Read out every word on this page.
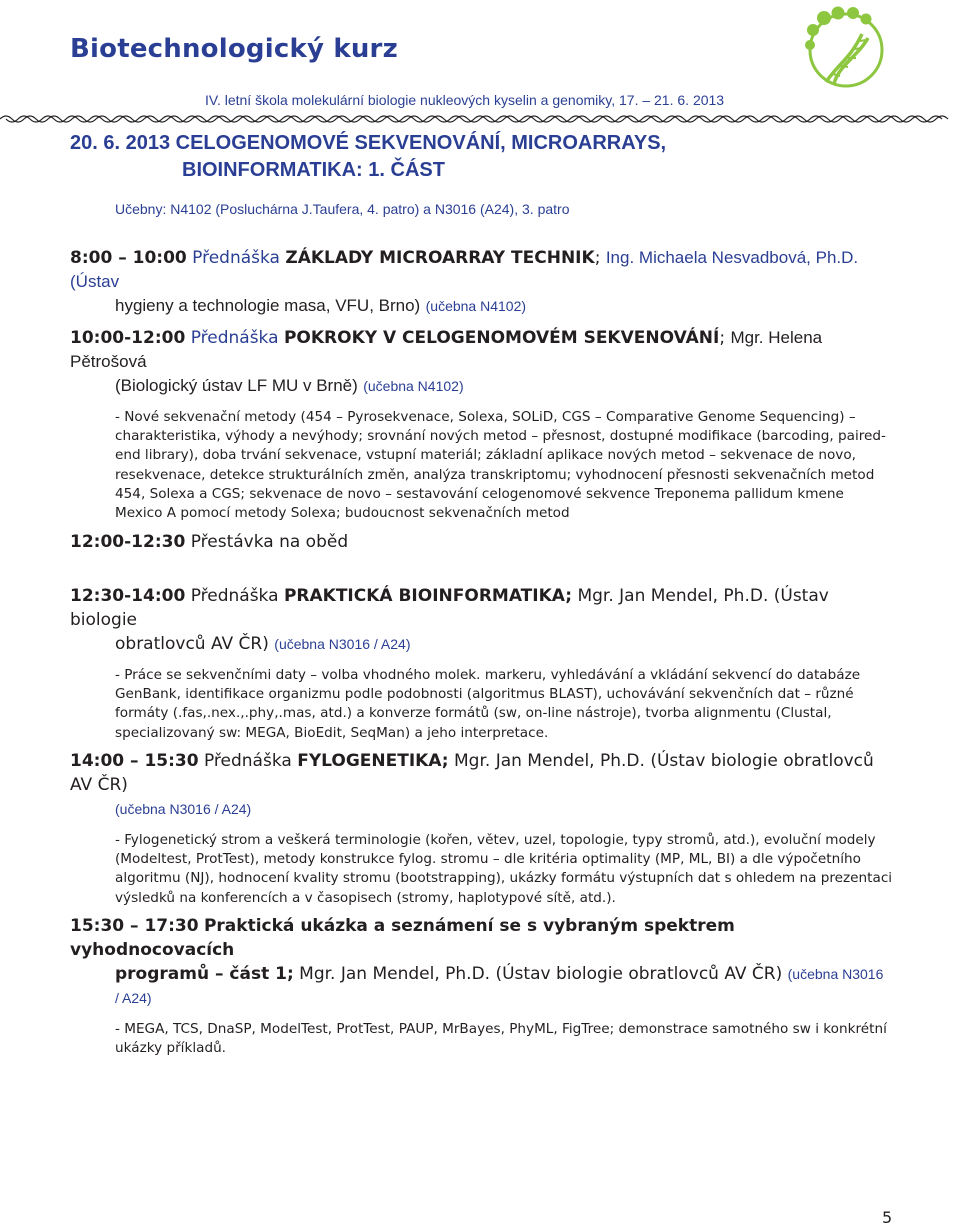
Biotechnologický kurz
IV. letní škola molekulární biologie nukleových kyselin a genomiky, 17. – 21. 6. 2013
20. 6. 2013 CELOGENOMOVÉ SEKVENOVÁNÍ, MICROARRAYS,
BIOINFORMATIKA: 1. ČÁST
Učebny: N4102 (Posluchárna J.Taufera, 4. patro) a N3016 (A24), 3. patro
8:00 – 10:00 Přednáška ZÁKLADY MICROARRAY TECHNIK; Ing. Michaela Nesvadbová, Ph.D. (Ústav
hygieny a technologie masa, VFU, Brno) (učebna N4102)
10:00-12:00 Přednáška POKROKY V CELOGENOMOVÉM SEKVENOVÁNÍ; Mgr. Helena Pětrošová
(Biologický ústav LF MU v Brně) (učebna N4102)
- Nové sekvenační metody (454 – Pyrosekvenace, Solexa, SOLiD, CGS – Comparative Genome Sequencing) – charakteristika, výhody a nevýhody; srovnání nových metod – přesnost, dostupné modifikace (barcoding, paired-end library), doba trvání sekvenace, vstupní materiál; základní aplikace nových metod – sekvenace de novo, resekvenace, detekce strukturálních změn, analýza transkriptomu; vyhodnocení přesnosti sekvenačních metod 454, Solexa a CGS; sekvenace de novo – sestavování celogenomové sekvence Treponema pallidum kmene Mexico A pomocí metody Solexa; budoucnost sekvenačních metod
12:00-12:30 Přestávka na oběd
12:30-14:00 Přednáška PRAKTICKÁ BIOINFORMATIKA; Mgr. Jan Mendel, Ph.D. (Ústav biologie
obratlovců AV ČR) (učebna N3016 / A24)
- Práce se sekvenčními daty – volba vhodného molek. markeru, vyhledávání a vkládání sekvencí do databáze GenBank, identifikace organizmu podle podobnosti (algoritmus BLAST), uchovávání sekvenčních dat – různé formáty (.fas,.nex.,.phy,.mas, atd.) a konverze formátů (sw, on-line nástroje), tvorba alignmentu (Clustal, specializovaný sw: MEGA, BioEdit, SeqMan) a jeho interpretace.
14:00 – 15:30 Přednáška FYLOGENETIKA; Mgr. Jan Mendel, Ph.D. (Ústav biologie obratlovců AV ČR)
(učebna N3016 / A24)
- Fylogenetický strom a veškerá terminologie (kořen, větev, uzel, topologie, typy stromů, atd.), evoluční modely (Modeltest, ProtTest), metody konstrukce fylog. stromu – dle kritéria optimality (MP, ML, BI) a dle výpočetního algoritmu (NJ), hodnocení kvality stromu (bootstrapping), ukázky formátu výstupních dat s ohledem na prezentaci výsledků na konferencích a v časopisech (stromy, haplotypové sítě, atd.).
15:30 – 17:30 Praktická ukázka a seznámení se s vybraným spektrem vyhodnocovacích
programů – část 1; Mgr. Jan Mendel, Ph.D. (Ústav biologie obratlovců AV ČR) (učebna N3016 / A24)
- MEGA, TCS, DnaSP, ModelTest, ProtTest, PAUP, MrBayes, PhyML, FigTree; demonstrace samotného sw i konkrétní ukázky příkladů.
5
